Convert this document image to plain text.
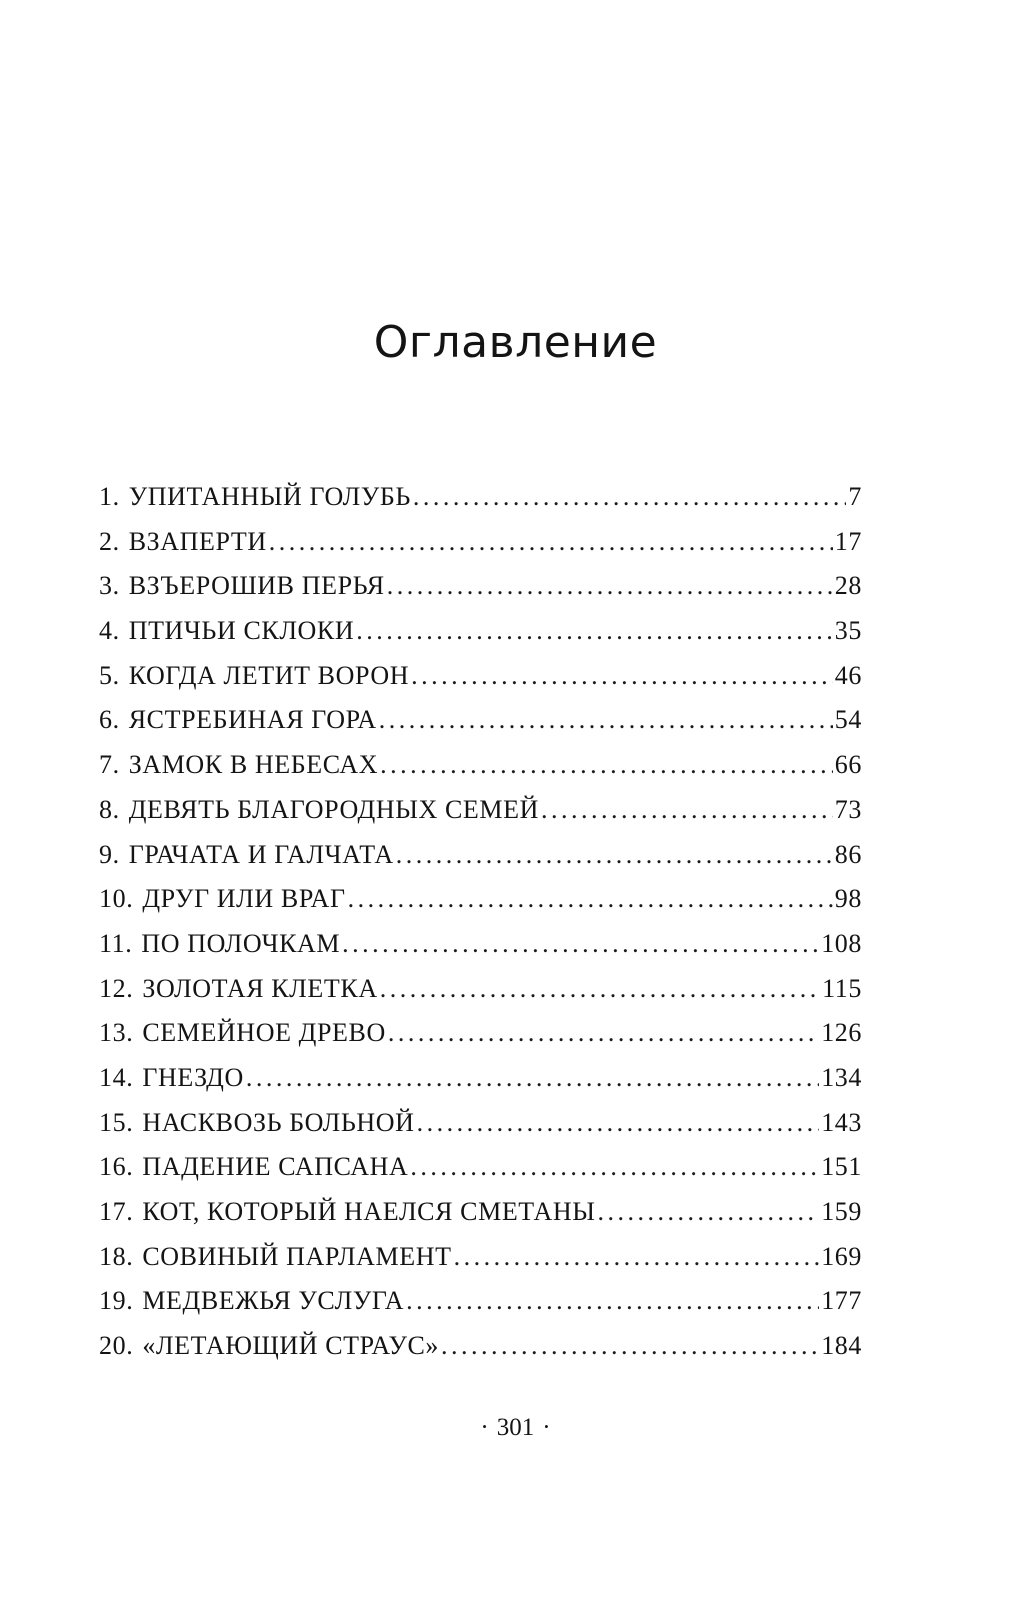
Оглавление
1. УПИТАННЫЙ ГОЛУБЬ . . .	7
2. ВЗАПЕРТИ . . .	17
3. ВЗЪЕРОШИВ ПЕРЬЯ . . .	28
4. ПТИЧЬИ СКЛОКИ . . .	35
5. КОГДА ЛЕТИТ ВОРОН . . .	46
6. ЯСТРЕБИНАЯ ГОРА . . .	54
7. ЗАМОК В НЕБЕСАХ . . .	66
8. ДЕВЯТЬ БЛАГОРОДНЫХ СЕМЕЙ . . .	73
9. ГРАЧАТА И ГАЛЧАТА . . .	86
10. ДРУГ ИЛИ ВРАГ . . .	98
11. ПО ПОЛОЧКАМ . . .	108
12. ЗОЛОТАЯ КЛЕТКА . . .	115
13. СЕМЕЙНОЕ ДРЕВО . . .	126
14. ГНЕЗДО . . .	134
15. НАСКВОЗЬ БОЛЬНОЙ . . .	143
16. ПАДЕНИЕ САПСАНА . . .	151
17. КОТ, КОТОРЫЙ НАЕЛСЯ СМЕТАНЫ . . .	159
18. СОВИНЫЙ ПАРЛАМЕНТ . . .	169
19. МЕДВЕЖЬЯ УСЛУГА . . .	177
20. «ЛЕТАЮЩИЙ СТРАУС» . . .	184
· 301 ·
